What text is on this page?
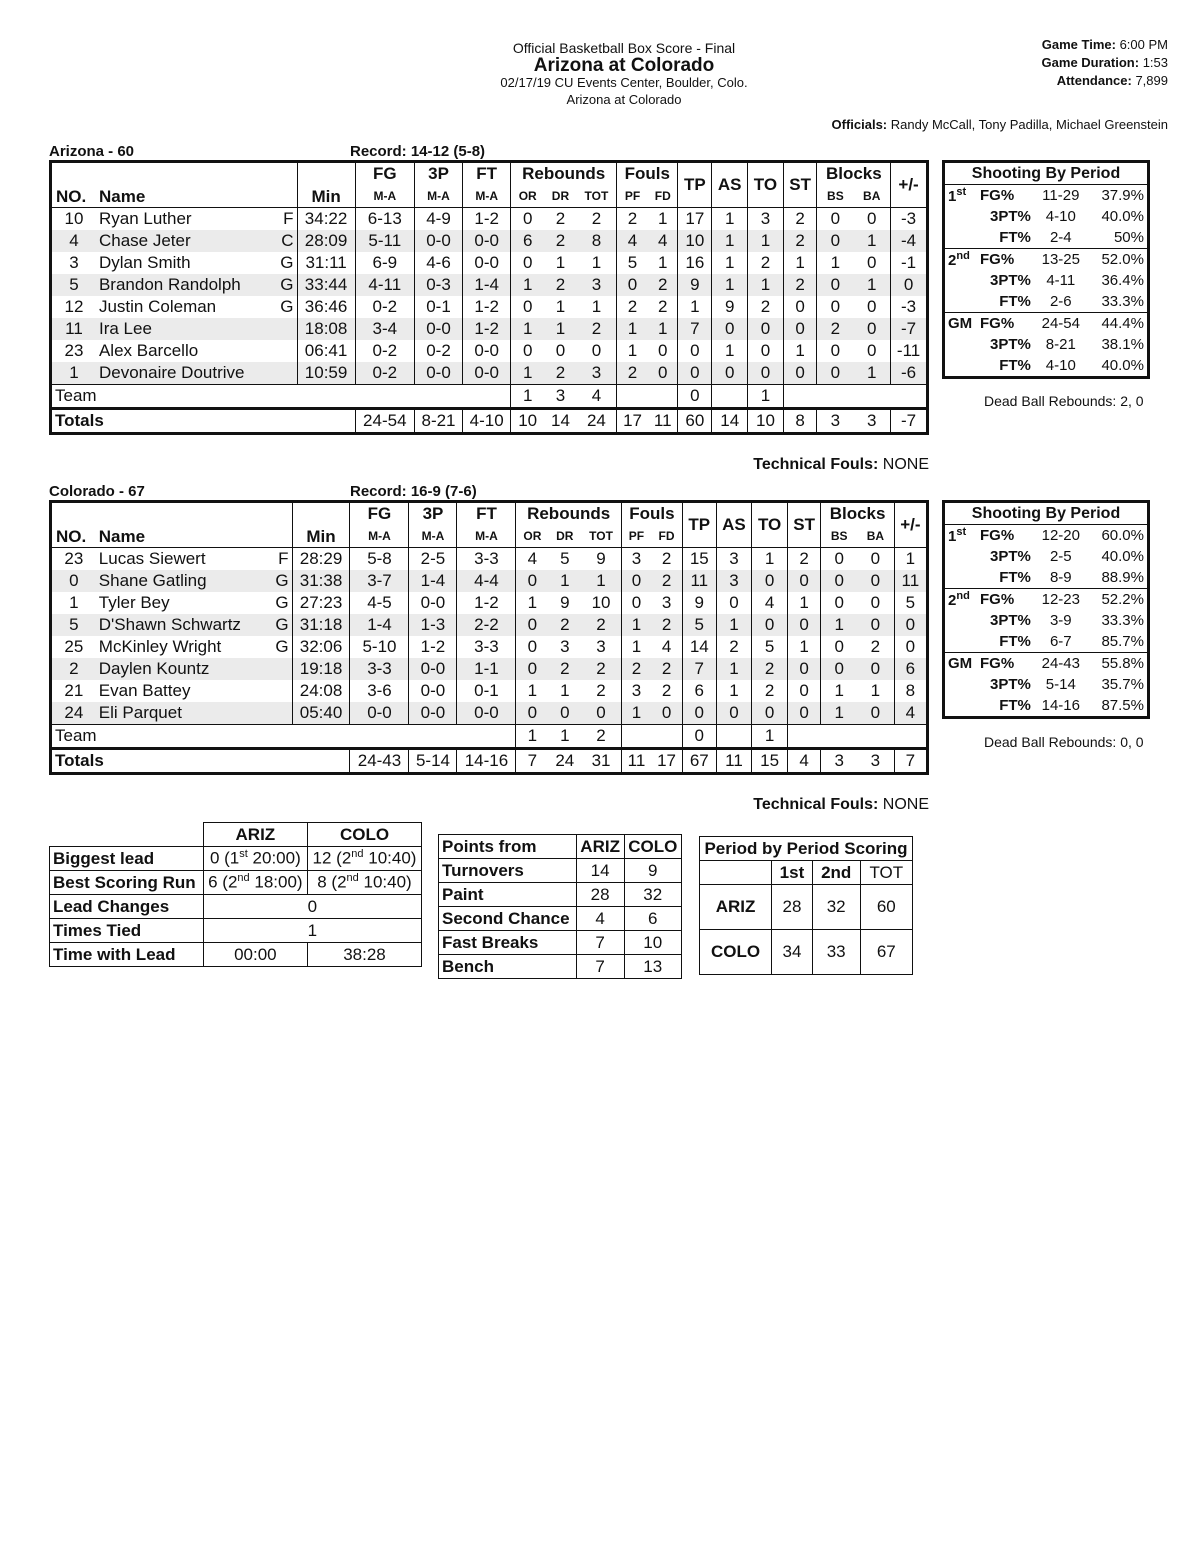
Official Basketball Box Score - Final
Arizona at Colorado
02/17/19 CU Events Center, Boulder, Colo.
Arizona at Colorado
Game Time: 6:00 PM
Game Duration: 1:53
Attendance: 7,899
Officials: Randy McCall, Tony Padilla, Michael Greenstein
Arizona - 60	Record: 14-12 (5-8)
NO.	Name		Min	FG	3P	FT	Rebounds			Fouls		TP	AS	TO	ST	Blocks		+/-
				M-A	M-A	M-A	OR	DR	TOT	PF	FD					BS	BA	
10	Ryan Luther	F	34:22	6-13	4-9	1-2	0	2	2	2	1	17	1	3	2	0	0	-3
4	Chase Jeter	C	28:09	5-11	0-0	0-0	6	2	8	4	4	10	1	1	2	0	1	-4
3	Dylan Smith	G	31:11	6-9	4-6	0-0	0	1	1	5	1	16	1	2	1	1	0	-1
5	Brandon Randolph	G	33:44	4-11	0-3	1-4	1	2	3	0	2	9	1	1	2	0	1	0
12	Justin Coleman	G	36:46	0-2	0-1	1-2	0	1	1	2	2	1	9	2	0	0	0	-3
11	Ira Lee		18:08	3-4	0-0	1-2	1	1	2	1	1	7	0	0	0	2	0	-7
23	Alex Barcello		06:41	0-2	0-2	0-0	0	0	0	1	0	0	1	0	1	0	0	-11
1	Devonaire Doutrive		10:59	0-2	0-0	0-0	1	2	3	2	0	0	0	0	0	0	1	-6
Team							1	3	4			0		1				
Totals				24-54	8-21	4-10	10	14	24	17	11	60	14	10	8	3	3	-7
Technical Fouls: NONE
Shooting By Period			
1st	FG%	11-29	37.9%
	3PT%	4-10	40.0%
	FT%	2-4	50%
2nd	FG%	13-25	52.0%
	3PT%	4-11	36.4%
	FT%	2-6	33.3%
GM	FG%	24-54	44.4%
	3PT%	8-21	38.1%
	FT%	4-10	40.0%
Dead Ball Rebounds: 2, 0
Colorado - 67	Record: 16-9 (7-6)
NO.	Name		Min	FG	3P	FT	Rebounds			Fouls		TP	AS	TO	ST	Blocks		+/-
				M-A	M-A	M-A	OR	DR	TOT	PF	FD					BS	BA	
23	Lucas Siewert	F	28:29	5-8	2-5	3-3	4	5	9	3	2	15	3	1	2	0	0	1
0	Shane Gatling	G	31:38	3-7	1-4	4-4	0	1	1	0	2	11	3	0	0	0	0	11
1	Tyler Bey	G	27:23	4-5	0-0	1-2	1	9	10	0	3	9	0	4	1	0	0	5
5	D'Shawn Schwartz	G	31:18	1-4	1-3	2-2	0	2	2	1	2	5	1	0	0	1	0	0
25	McKinley Wright	G	32:06	5-10	1-2	3-3	0	3	3	1	4	14	2	5	1	0	2	0
2	Daylen Kountz		19:18	3-3	0-0	1-1	0	2	2	2	2	7	1	2	0	0	0	6
21	Evan Battey		24:08	3-6	0-0	0-1	1	1	2	3	2	6	1	2	0	1	1	8
24	Eli Parquet		05:40	0-0	0-0	0-0	0	0	0	1	0	0	0	0	0	1	0	4
Team							1	1	2			0		1				
Totals				24-43	5-14	14-16	7	24	31	11	17	67	11	15	4	3	3	7
Technical Fouls: NONE
Shooting By Period			
1st	FG%	12-20	60.0%
	3PT%	2-5	40.0%
	FT%	8-9	88.9%
2nd	FG%	12-23	52.2%
	3PT%	3-9	33.3%
	FT%	6-7	85.7%
GM	FG%	24-43	55.8%
	3PT%	5-14	35.7%
	FT%	14-16	87.5%
Dead Ball Rebounds: 0, 0
	ARIZ	COLO
Biggest lead	0 (1st 20:00)	12 (2nd 10:40)
Best Scoring Run	6 (2nd 18:00)	8 (2nd 10:40)
Lead Changes	0	
Times Tied	1	
Time with Lead	00:00	38:28
Points from	ARIZ	COLO
Turnovers	14	9
Paint	28	32
Second Chance	4	6
Fast Breaks	7	10
Bench	7	13
Period by Period Scoring			
	1st	2nd	TOT
ARIZ	28	32	60
COLO	34	33	67
